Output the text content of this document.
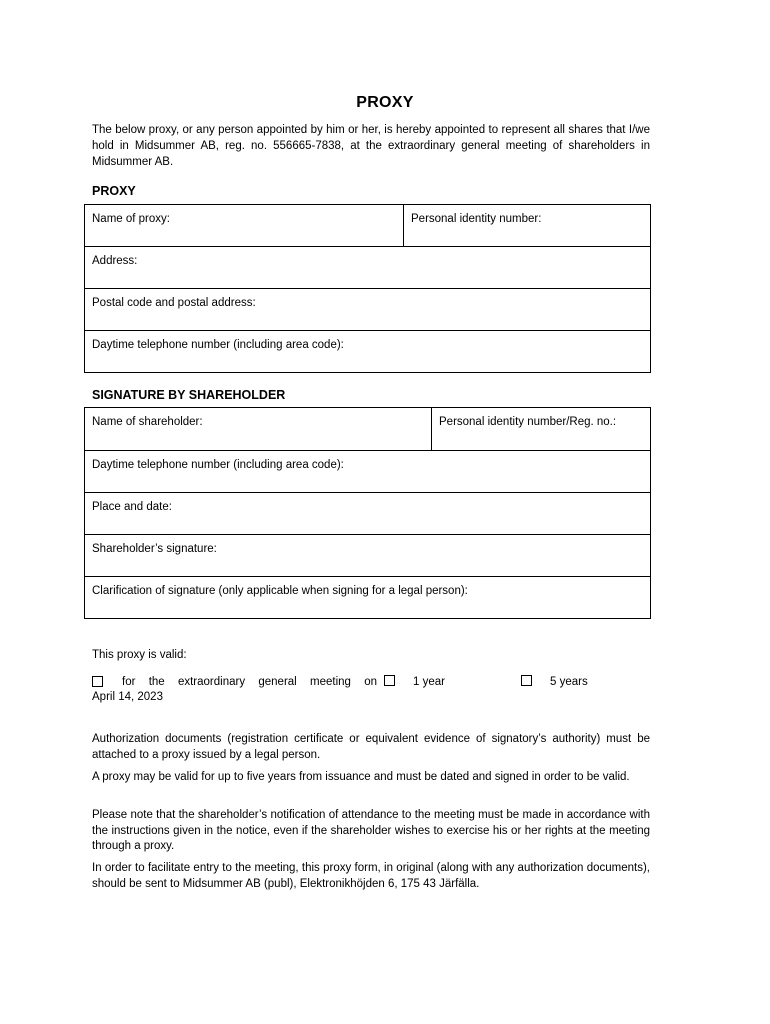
PROXY
The below proxy, or any person appointed by him or her, is hereby appointed to represent all shares that I/we hold in Midsummer AB, reg. no. 556665-7838, at the extraordinary general meeting of shareholders in Midsummer AB.
PROXY
Name of proxy:	Personal identity number:
Address:
Postal code and postal address:
Daytime telephone number (including area code):
SIGNATURE BY SHAREHOLDER
Name of shareholder:	Personal identity number/Reg. no.:
Daytime telephone number (including area code):
Place and date:
Shareholder’s signature:
Clarification of signature (only applicable when signing for a legal person):
This proxy is valid:
for the extraordinary general meeting on
April 14, 2023
1 year	5 years
Authorization documents (registration certificate or equivalent evidence of signatory’s authority) must be attached to a proxy issued by a legal person.
A proxy may be valid for up to five years from issuance and must be dated and signed in order to be valid.
Please note that the shareholder’s notification of attendance to the meeting must be made in accordance with the instructions given in the notice, even if the shareholder wishes to exercise his or her rights at the meeting through a proxy.
In order to facilitate entry to the meeting, this proxy form, in original (along with any authorization documents), should be sent to Midsummer AB (publ), Elektronikhöjden 6, 175 43 Järfälla.
